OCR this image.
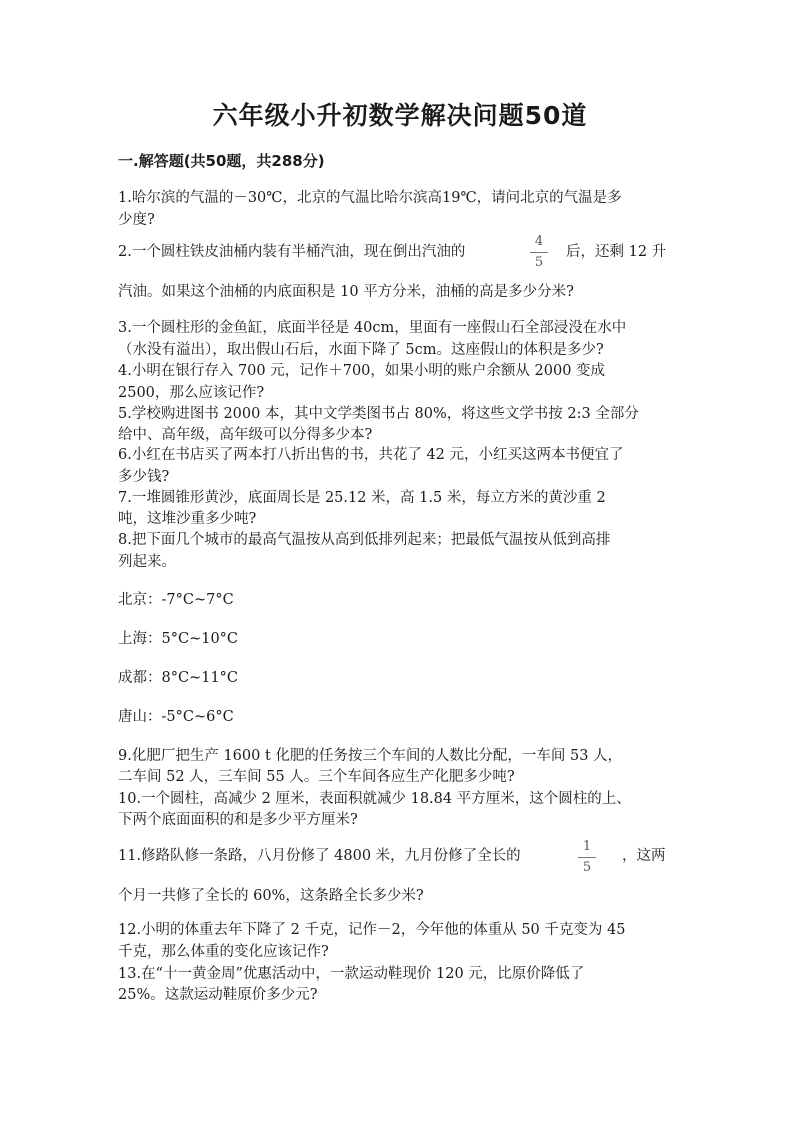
六年级小升初数学解决问题50道
一.解答题(共50题，共288分)
1.哈尔滨的气温的－30℃，北京的气温比哈尔滨高19℃，请问北京的气温是多
少度?
2.一个圆柱铁皮油桶内装有半桶汽油，现在倒出汽油的
4
5
后，还剩 12 升
汽油。如果这个油桶的内底面积是 10 平方分米，油桶的高是多少分米?
3.一个圆柱形的金鱼缸，底面半径是 40cm，里面有一座假山石全部浸没在水中
（水没有溢出），取出假山石后，水面下降了 5cm。这座假山的体积是多少?
4.小明在银行存入 700 元，记作＋700，如果小明的账户余额从 2000 变成
2500，那么应该记作?
5.学校购进图书 2000 本，其中文学类图书占 80%，将这些文学书按 2:3 全部分
给中、高年级，高年级可以分得多少本?
6.小红在书店买了两本打八折出售的书，共花了 42 元，小红买这两本书便宜了
多少钱?
7.一堆圆锥形黄沙，底面周长是 25.12 米，高 1.5 米，每立方米的黄沙重 2
吨，这堆沙重多少吨?
8.把下面几个城市的最高气温按从高到低排列起来；把最低气温按从低到高排
列起来。
北京：-7°C~7°C
上海：5°C~10°C
成都：8°C~11°C
唐山：-5°C~6°C
9.化肥厂把生产 1600 t 化肥的任务按三个车间的人数比分配，一车间 53 人，
二车间 52 人，三车间 55 人。三个车间各应生产化肥多少吨?
10.一个圆柱，高减少 2 厘米，表面积就减少 18.84 平方厘米，这个圆柱的上、
下两个底面面积的和是多少平方厘米?
11.修路队修一条路，八月份修了 4800 米，九月份修了全长的
1
5
，这两
个月一共修了全长的 60%，这条路全长多少米?
12.小明的体重去年下降了 2 千克，记作－2，今年他的体重从 50 千克变为 45
千克，那么体重的变化应该记作?
13.在“十一黄金周”优惠活动中，一款运动鞋现价 120 元，比原价降低了
25%。这款运动鞋原价多少元?
